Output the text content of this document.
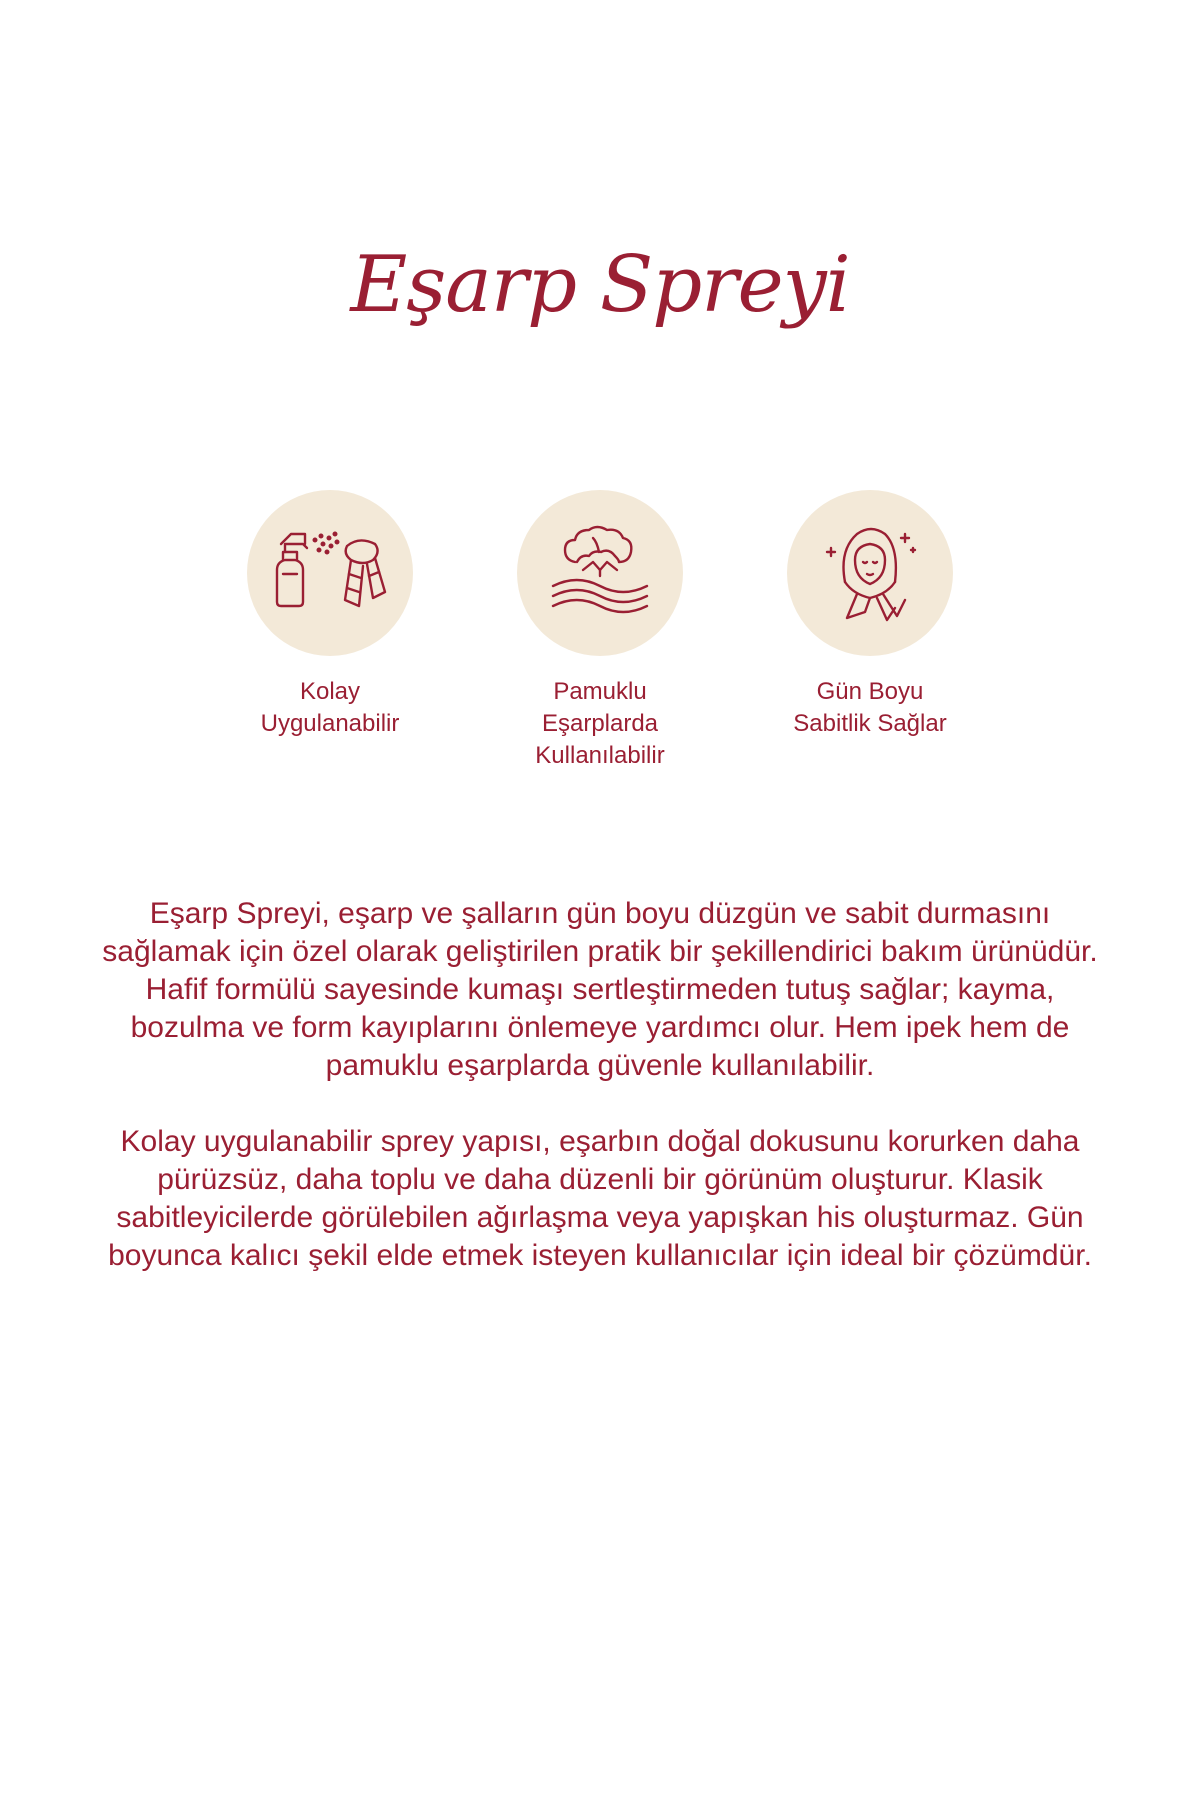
Eşarp Spreyi
Kolay Uygulanabilir
Pamuklu Eşarplarda Kullanılabilir
Gün Boyu Sabitlik Sağlar

Eşarp Spreyi, eşarp ve şalların gün boyu düzgün ve sabit durmasını sağlamak için özel olarak geliştirilen pratik bir şekillendirici bakım ürünüdür. Hafif formülü sayesinde kumaşı sertleştirmeden tutuş sağlar; kayma, bozulma ve form kayıplarını önlemeye yardımcı olur. Hem ipek hem de pamuklu eşarplarda güvenle kullanılabilir.

Kolay uygulanabilir sprey yapısı, eşarbın doğal dokusunu korurken daha pürüzsüz, daha toplu ve daha düzenli bir görünüm oluşturur. Klasik sabitleyicilerde görülebilen ağırlaşma veya yapışkan his oluşturmaz. Gün boyunca kalıcı şekil elde etmek isteyen kullanıcılar için ideal bir çözümdür.
